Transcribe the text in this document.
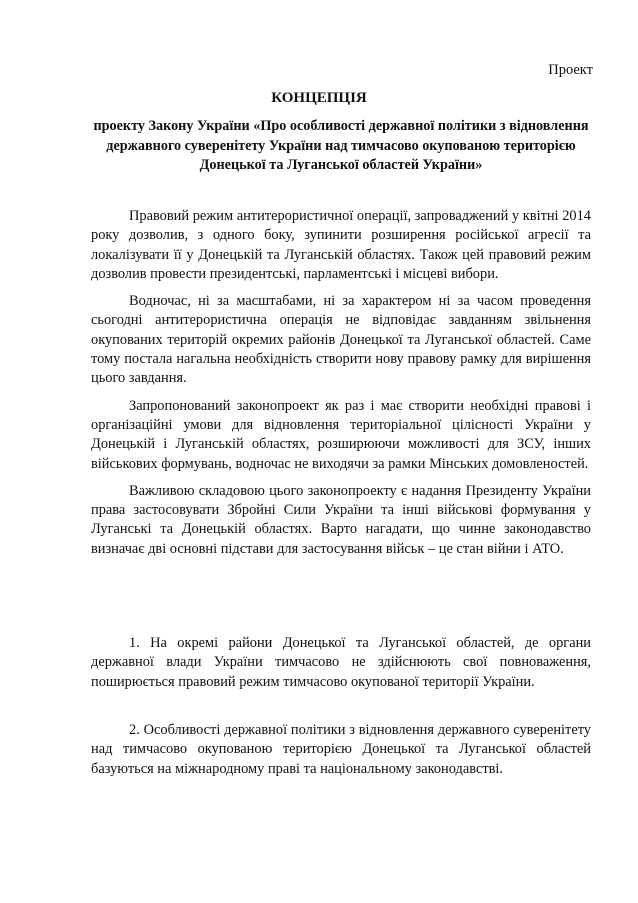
Проект
КОНЦЕПЦІЯ
проекту Закону України «Про особливості державної політики з відновлення державного суверенітету України над тимчасово окупованою територією Донецької та Луганської областей України»

Правовий режим антитерористичної операції, запроваджений у квітні 2014 року дозволив, з одного боку, зупинити розширення російської агресії та локалізувати її у Донецькій та Луганській областях. Також цей правовий режим дозволив провести президентські, парламентські і місцеві вибори.

Водночас, ні за масштабами, ні за характером ні за часом проведення сьогодні антитерористична операція не відповідає завданням звільнення окупованих територій окремих районів Донецької та Луганської областей. Саме тому постала нагальна необхідність створити нову правову рамку для вирішення цього завдання.

Запропонований законопроект як раз і має створити необхідні правові і організаційні умови для відновлення територіальної цілісності України у Донецькій і Луганській областях, розширюючи можливості для ЗСУ, інших військових формувань, водночас не виходячи за рамки Мінських домовленостей.

Важливою складовою цього законопроекту є надання Президенту України права застосовувати Збройні Сили України та інші військові формування у Луганські та Донецькій областях. Варто нагадати, що чинне законодавство визначає дві основні підстави для застосування військ – це стан війни і АТО.

1. На окремі райони Донецької та Луганської областей, де органи державної влади України тимчасово не здійснюють свої повноваження, поширюється правовий режим тимчасово окупованої території України.

2. Особливості державної політики з відновлення державного суверенітету над тимчасово окупованою територією Донецької та Луганської областей базуються на міжнародному праві та національному законодавстві.
